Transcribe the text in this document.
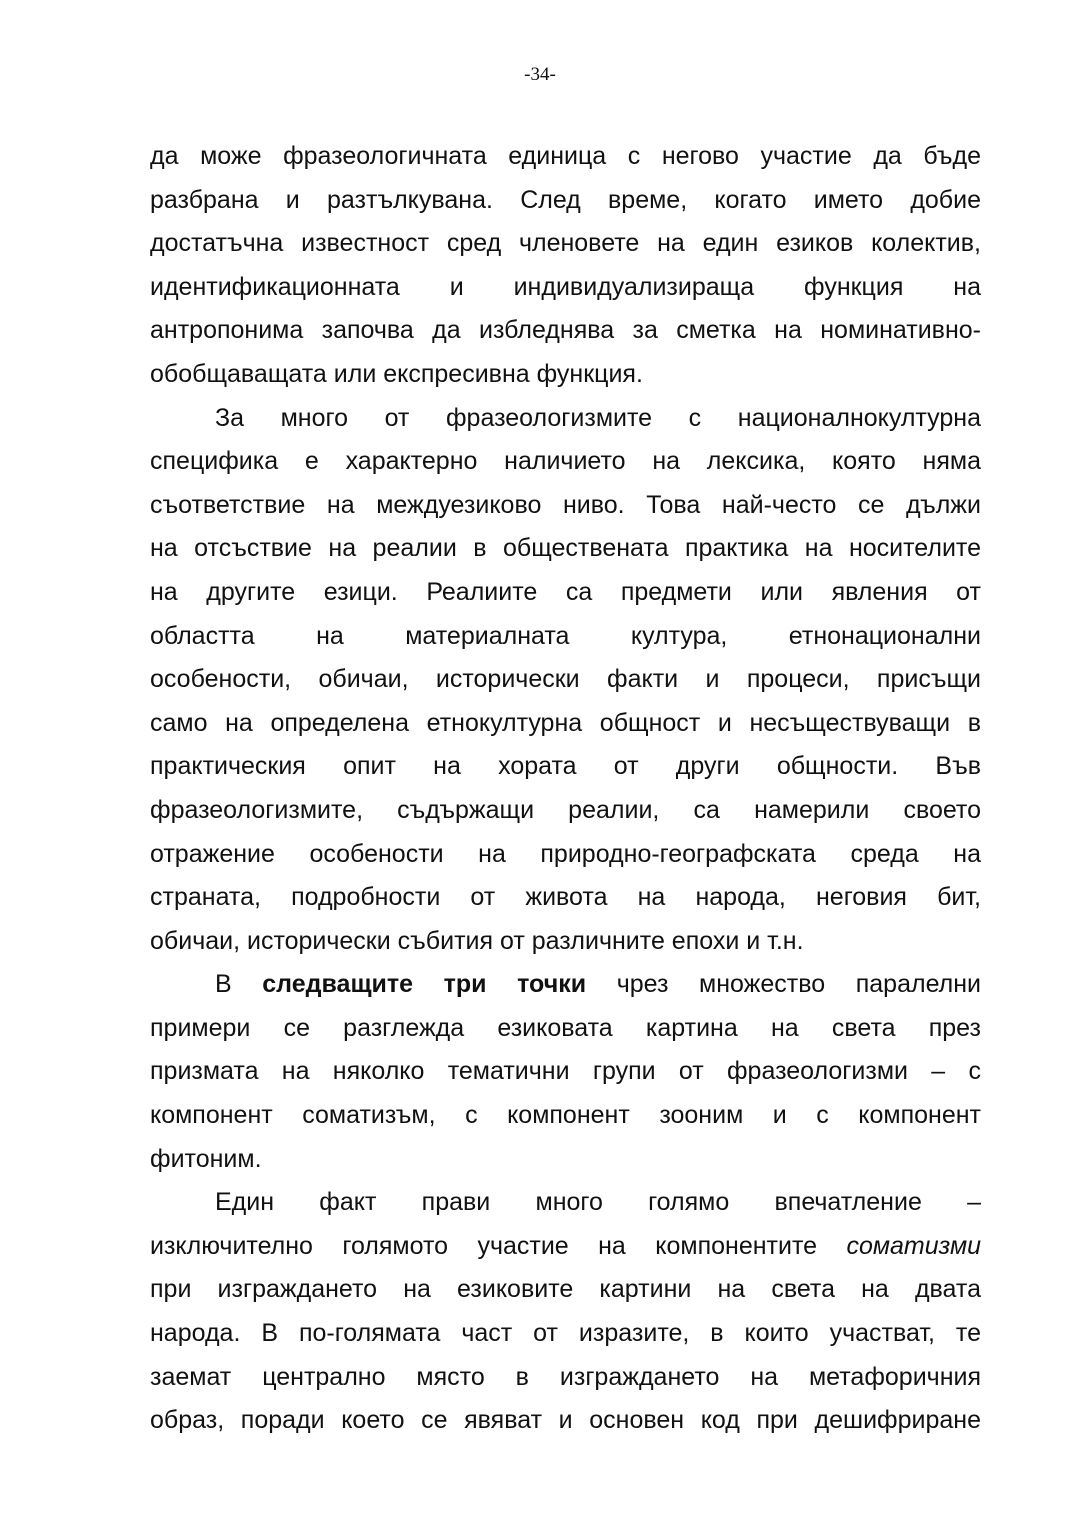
-34-
да може фразеологичната единица с негово участие да бъде
разбрана и разтълкувана. След време, когато името добие
достатъчна известност сред членовете на един езиков колектив,
идентификационната и индивидуализираща функция на
антропонима започва да избледнява за сметка на номинативно-
обобщаващата или експресивна функция.
За много от фразеологизмите с националнокултурна
специфика е характерно наличието на лексика, която няма
съответствие на междуезиково ниво. Това най-често се дължи
на отсъствие на реалии в обществената практика на носителите
на другите езици. Реалиите са предмети или явления от
областта на материалната култура, етнонационални
особености, обичаи, исторически факти и процеси, присъщи
само на определена етнокултурна общност и несъществуващи в
практическия опит на хората от други общности. Във
фразеологизмите, съдържащи реалии, са намерили своето
отражение особености на природно-географската среда на
страната, подробности от живота на народа, неговия бит,
обичаи, исторически събития от различните епохи и т.н.
В следващите три точки чрез множество паралелни
примери се разглежда езиковата картина на света през
призмата на няколко тематични групи от фразеологизми – с
компонент соматизъм, с компонент зооним и с компонент
фитоним.
Един факт прави много голямо впечатление –
изключително голямото участие на компонентите соматизми
при изграждането на езиковите картини на света на двата
народа. В по-голямата част от изразите, в които участват, те
заемат централно място в изграждането на метафоричния
образ, поради което се явяват и основен код при дешифриране
